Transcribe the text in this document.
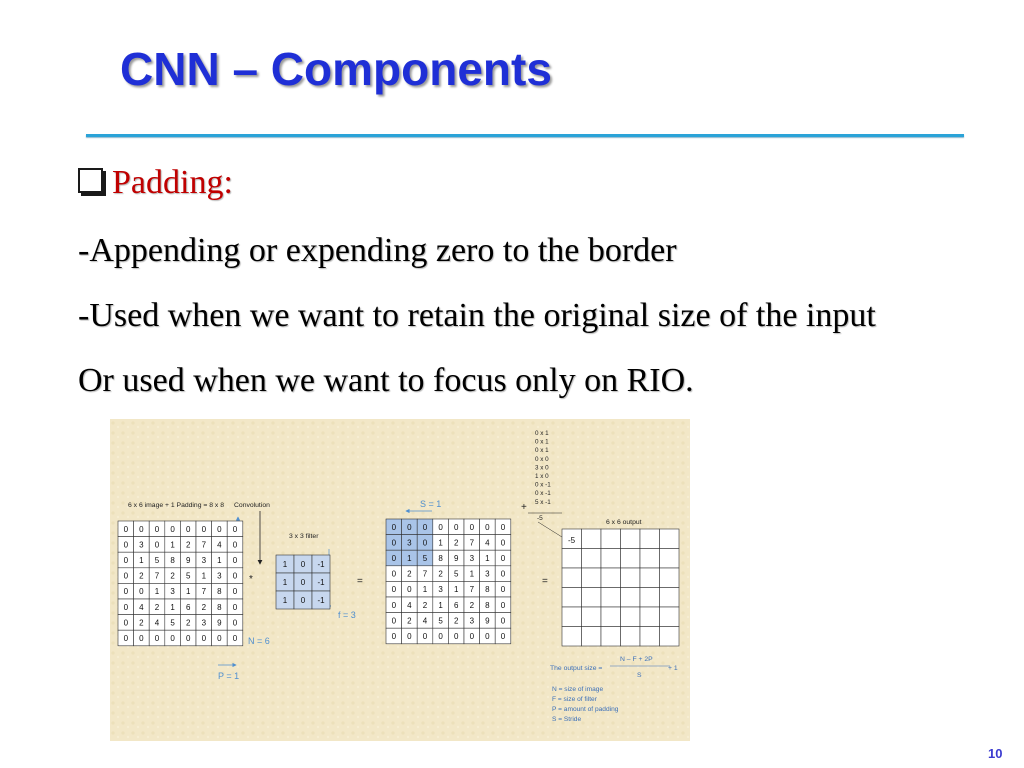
CNN – Components
Padding:
-Appending or expending zero to the border
-Used when we want to retain the original size of the input
Or used when we want to focus only on RIO.
6 x 6 image + 1 Padding = 8 x 8 Convolution
3 x 3 filter
S = 1
6 x 6 output
N = 6
f = 3
P = 1
*	=	=
+
-5
The output size =
N – F + 2P
S
+ 1
0 0 0 0 0 0 0 0
0 3 0 1 2 7 4 0
0 1 5 8 9 3 1 0
0 2 7 2 5 1 3 0
0 0 1 3 1 7 8 0
0 4 2 1 6 2 8 0
0 2 4 5 2 3 9 0
0 0 0 0 0 0 0 0
1 0 -1
1 0 -1
1 0 -1
0 0 0 0 0 0 0 0
0 3 0 1 2 7 4 0
0 1 5 8 9 3 1 0
0 2 7 2 5 1 3 0
0 0 1 3 1 7 8 0
0 4 2 1 6 2 8 0
0 2 4 5 2 3 9 0
0 0 0 0 0 0 0 0
-5
0 x 1
0 x 1
0 x 1
0 x 0
3 x 0
1 x 0
0 x -1
0 x -1
5 x -1
N = size of image
F = size of filter
P = amount of padding
S = Stride
10
